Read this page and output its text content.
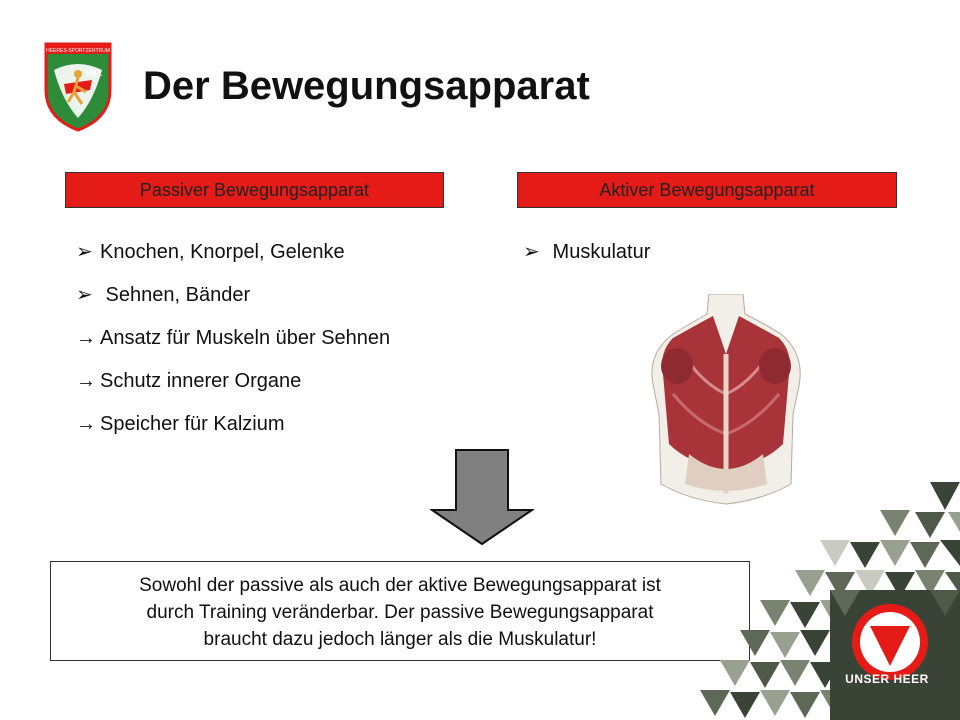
HEERES-SPORTZENTRUM
HSZ Der Bewegungsapparat
Passiver Bewegungsapparat	Aktiver Bewegungsapparat
➢ Knochen, Knorpel, Gelenke
➢ Sehnen, Bänder
→ Ansatz für Muskeln über Sehnen
→ Schutz innerer Organe
→ Speicher für Kalzium
➢ Muskulatur
Sowohl der passive als auch der aktive Bewegungsapparat ist
durch Training veränderbar. Der passive Bewegungsapparat
braucht dazu jedoch länger als die Muskulatur!
UNSER HEER
